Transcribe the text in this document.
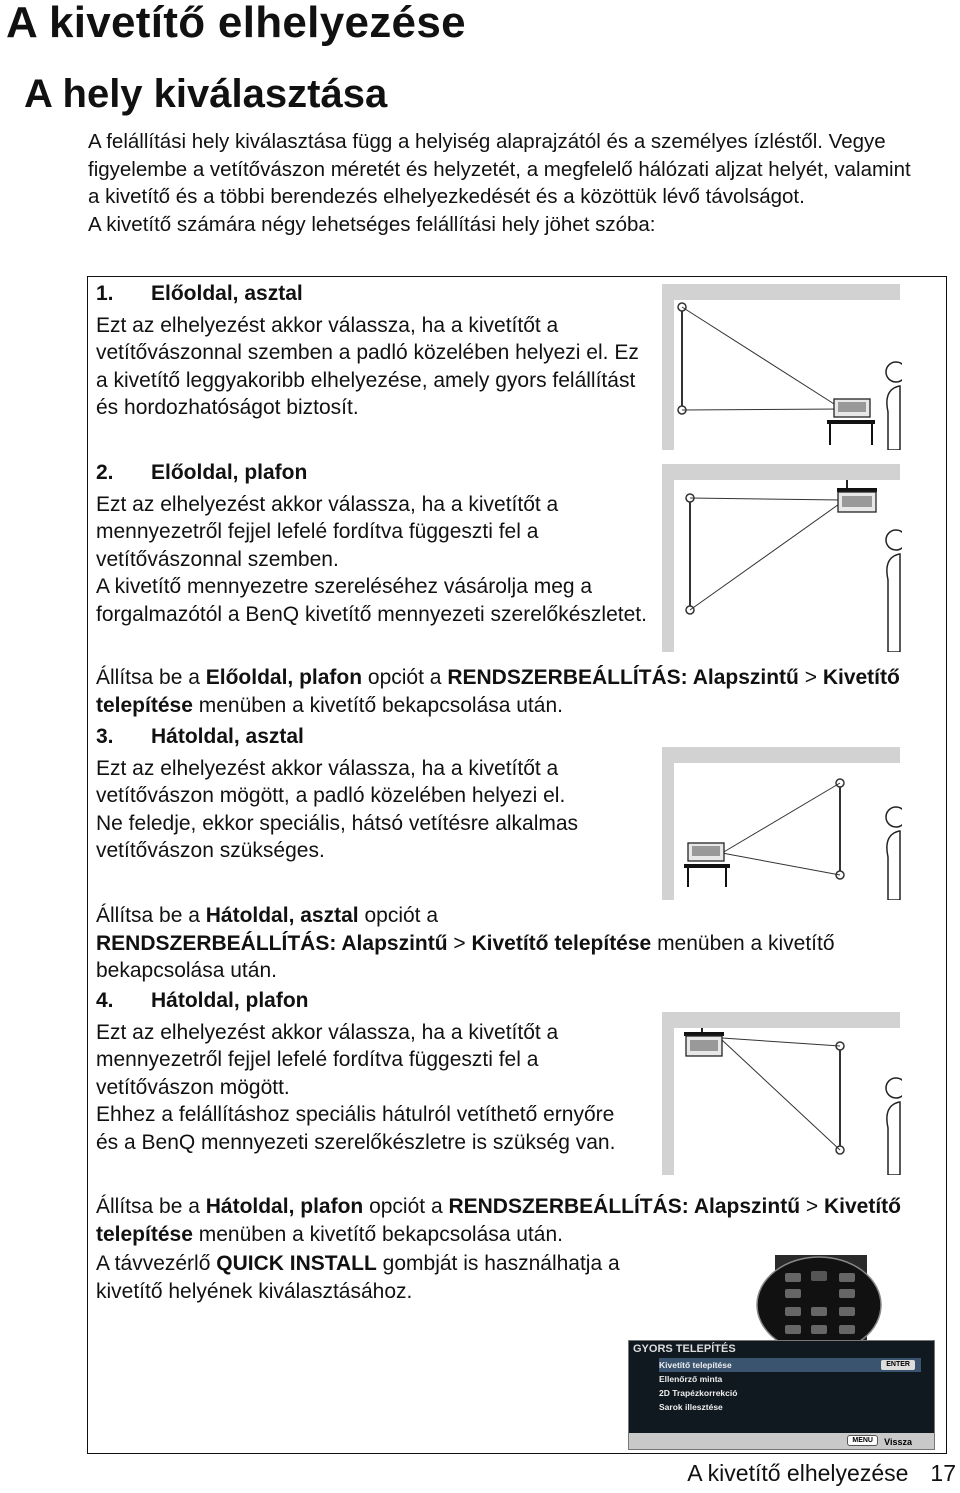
A kivetítő elhelyezése
A hely kiválasztása

A felállítási hely kiválasztása függ a helyiség alaprajzától és a személyes ízléstől. Vegye figyelembe a vetítővászon méretét és helyzetét, a megfelelő hálózati aljzat helyét, valamint a kivetítő és a többi berendezés elhelyezkedését és a közöttük lévő távolságot.

A kivetítő számára négy lehetséges felállítási hely jöhet szóba:

1. Előoldal, asztal

Ezt az elhelyezést akkor válassza, ha a kivetítőt a vetítővászonnal szemben a padló közelében helyezi el. Ez a kivetítő leggyakoribb elhelyezése, amely gyors felállítást és hordozhatóságot biztosít.

2. Előoldal, plafon

Ezt az elhelyezést akkor válassza, ha a kivetítőt a mennyezetről fejjel lefelé fordítva függeszti fel a vetítővászonnal szemben.

A kivetítő mennyezetre szereléséhez vásárolja meg a forgalmazótól a BenQ kivetítő mennyezeti szerelőkészletet.

Állítsa be a Előoldal, plafon opciót a RENDSZERBEÁLLÍTÁS: Alapszintű > Kivetítő telepítése menüben a kivetítő bekapcsolása után.

3. Hátoldal, asztal

Ezt az elhelyezést akkor válassza, ha a kivetítőt a vetítővászon mögött, a padló közelében helyezi el.

Ne feledje, ekkor speciális, hátsó vetítésre alkalmas vetítővászon szükséges.

Állítsa be a Hátoldal, asztal opciót a
RENDSZERBEÁLLÍTÁS: Alapszintű > Kivetítő telepítése menüben a kivetítő bekapcsolása után.

4. Hátoldal, plafon

Ezt az elhelyezést akkor válassza, ha a kivetítőt a mennyezetről fejjel lefelé fordítva függeszti fel a vetítővászon mögött.

Ehhez a felállításhoz speciális hátulról vetíthető ernyőre és a BenQ mennyezeti szerelőkészletre is szükség van.

Állítsa be a Hátoldal, plafon opciót a RENDSZERBEÁLLÍTÁS: Alapszintű > Kivetítő telepítése menüben a kivetítő bekapcsolása után.

A távvezérlő QUICK INSTALL gombját is használhatja a kivetítő helyének kiválasztásához.

GYORS TELEPÍTÉS
Kivetítő telepítése	ENTER
Ellenőrző minta
2D Trapézkorrekció
Sarok illesztése
MENU	Vissza
A kivetítő elhelyezése 17
